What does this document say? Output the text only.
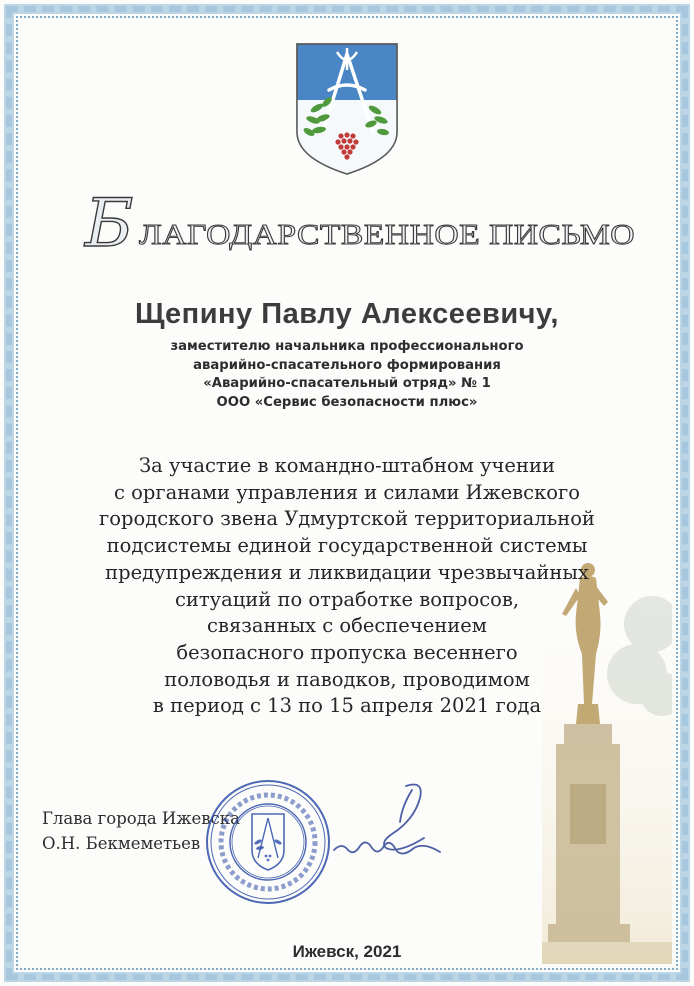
Б ЛАГОДАРСТВЕННОЕ ПИСЬМО
Щепину Павлу Алексеевичу,
заместителю начальника профессионального
аварийно-спасательного формирования
«Аварийно-спасательный отряд» № 1
ООО «Сервис безопасности плюс»
За участие в командно-штабном учении
с органами управления и силами Ижевского
городского звена Удмуртской территориальной
подсистемы единой государственной системы
предупреждения и ликвидации чрезвычайных
ситуаций по отработке вопросов,
связанных с обеспечением
безопасного пропуска весеннего
половодья и паводков, проводимом
в период с 13 по 15 апреля 2021 года
Глава города Ижевска
О.Н. Бекмеметьев
Ижевск, 2021
